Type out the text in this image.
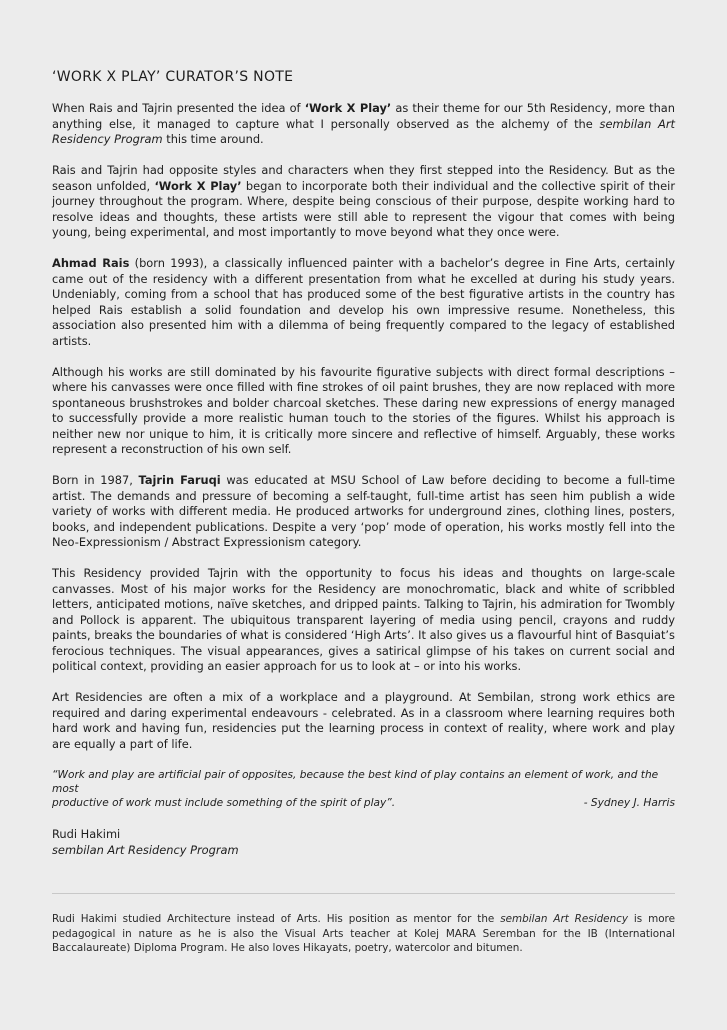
‘WORK X PLAY’ CURATOR’S NOTE

When Rais and Tajrin presented the idea of ‘Work X Play’ as their theme for our 5th Residency, more than anything else, it managed to capture what I personally observed as the alchemy of the sembilan Art Residency Program this time around.

Rais and Tajrin had opposite styles and characters when they first stepped into the Residency. But as the season unfolded, ‘Work X Play’ began to incorporate both their individual and the collective spirit of their journey throughout the program. Where, despite being conscious of their purpose, despite working hard to resolve ideas and thoughts, these artists were still able to represent the vigour that comes with being young, being experimental, and most importantly to move beyond what they once were.

Ahmad Rais (born 1993), a classically influenced painter with a bachelor’s degree in Fine Arts, certainly came out of the residency with a different presentation from what he excelled at during his study years. Undeniably, coming from a school that has produced some of the best figurative artists in the country has helped Rais establish a solid foundation and develop his own impressive resume. Nonetheless, this association also presented him with a dilemma of being frequently compared to the legacy of established artists.

Although his works are still dominated by his favourite figurative subjects with direct formal descriptions – where his canvasses were once filled with fine strokes of oil paint brushes, they are now replaced with more spontaneous brushstrokes and bolder charcoal sketches. These daring new expressions of energy managed to successfully provide a more realistic human touch to the stories of the figures. Whilst his approach is neither new nor unique to him, it is critically more sincere and reflective of himself. Arguably, these works represent a reconstruction of his own self.

Born in 1987, Tajrin Faruqi was educated at MSU School of Law before deciding to become a full-time artist. The demands and pressure of becoming a self-taught, full-time artist has seen him publish a wide variety of works with different media. He produced artworks for underground zines, clothing lines, posters, books, and independent publications. Despite a very ‘pop’ mode of operation, his works mostly fell into the Neo-Expressionism / Abstract Expressionism category.

This Residency provided Tajrin with the opportunity to focus his ideas and thoughts on large-scale canvasses. Most of his major works for the Residency are monochromatic, black and white of scribbled letters, anticipated motions, naïve sketches, and dripped paints. Talking to Tajrin, his admiration for Twombly and Pollock is apparent. The ubiquitous transparent layering of media using pencil, crayons and ruddy paints, breaks the boundaries of what is considered ‘High Arts’. It also gives us a flavourful hint of Basquiat’s ferocious techniques. The visual appearances, gives a satirical glimpse of his takes on current social and political context, providing an easier approach for us to look at – or into his works.

Art Residencies are often a mix of a workplace and a playground. At Sembilan, strong work ethics are required and daring experimental endeavours - celebrated. As in a classroom where learning requires both hard work and having fun, residencies put the learning process in context of reality, where work and play are equally a part of life.

“Work and play are artificial pair of opposites, because the best kind of play contains an element of work, and the most
productive of work must include something of the spirit of play”.	- Sydney J. Harris
Rudi Hakimi
sembilan Art Residency Program
Rudi Hakimi studied Architecture instead of Arts. His position as mentor for the sembilan Art Residency is more pedagogical in nature as he is also the Visual Arts teacher at Kolej MARA Seremban for the IB (International Baccalaureate) Diploma Program. He also loves Hikayats, poetry, watercolor and bitumen.
